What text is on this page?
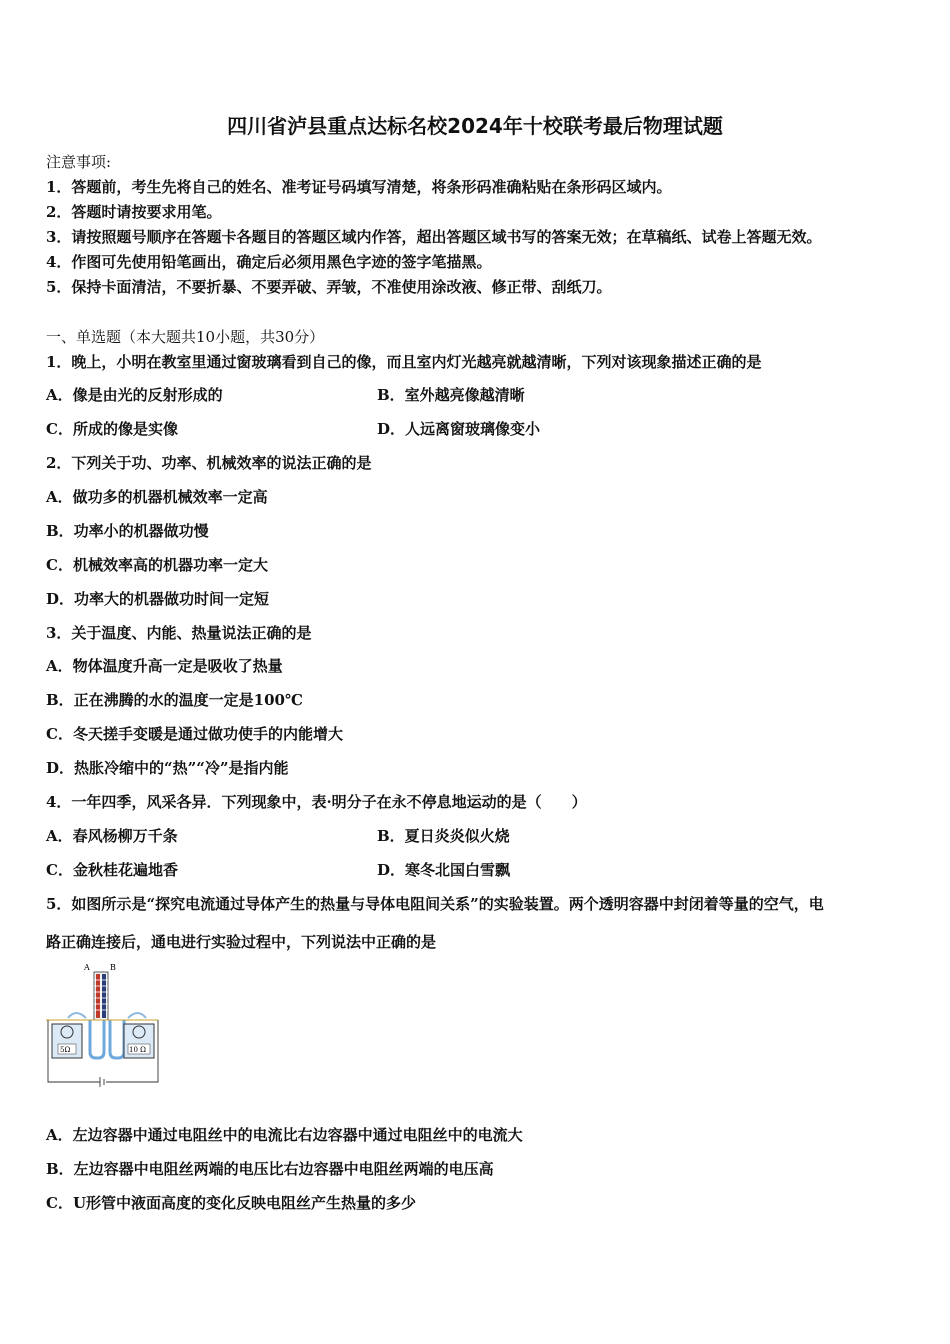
四川省泸县重点达标名校2024年十校联考最后物理试题
注意事项:
1．答题前，考生先将自己的姓名、准考证号码填写清楚，将条形码准确粘贴在条形码区域内。
2．答题时请按要求用笔。
3．请按照题号顺序在答题卡各题目的答题区域内作答，超出答题区域书写的答案无效；在草稿纸、试卷上答题无效。
4．作图可先使用铅笔画出，确定后必须用黑色字迹的签字笔描黑。
5．保持卡面清洁，不要折暴、不要弄破、弄皱，不准使用涂改液、修正带、刮纸刀。
一、单选题（本大题共10小题，共30分）
1．晚上，小明在教室里通过窗玻璃看到自己的像，而且室内灯光越亮就越清晰，下列对该现象描述正确的是
A．像是由光的反射形成的	B．室外越亮像越清晰
C．所成的像是实像	D．人远离窗玻璃像变小
2．下列关于功、功率、机械效率的说法正确的是
A．做功多的机器机械效率一定高
B．功率小的机器做功慢
C．机械效率高的机器功率一定大
D．功率大的机器做功时间一定短
3．关于温度、内能、热量说法正确的是
A．物体温度升高一定是吸收了热量
B．正在沸腾的水的温度一定是100℃
C．冬天搓手变暖是通过做功使手的内能增大
D．热胀冷缩中的“热”“冷”是指内能
4．一年四季，风采各异．下列现象中，表·明分子在永不停息地运动的是（　　）
A．春风杨柳万千条	B．夏日炎炎似火烧
C．金秋桂花遍地香	D．寒冬北国白雪飘
5．如图所示是“探究电流通过导体产生的热量与导体电阻间关系”的实验装置。两个透明容器中封闭着等量的空气，电
路正确连接后，通电进行实验过程中，下列说法中正确的是
A	B
5Ω	10 Ω
A．左边容器中通过电阻丝中的电流比右边容器中通过电阻丝中的电流大
B．左边容器中电阻丝两端的电压比右边容器中电阻丝两端的电压高
C．U形管中液面高度的变化反映电阻丝产生热量的多少
